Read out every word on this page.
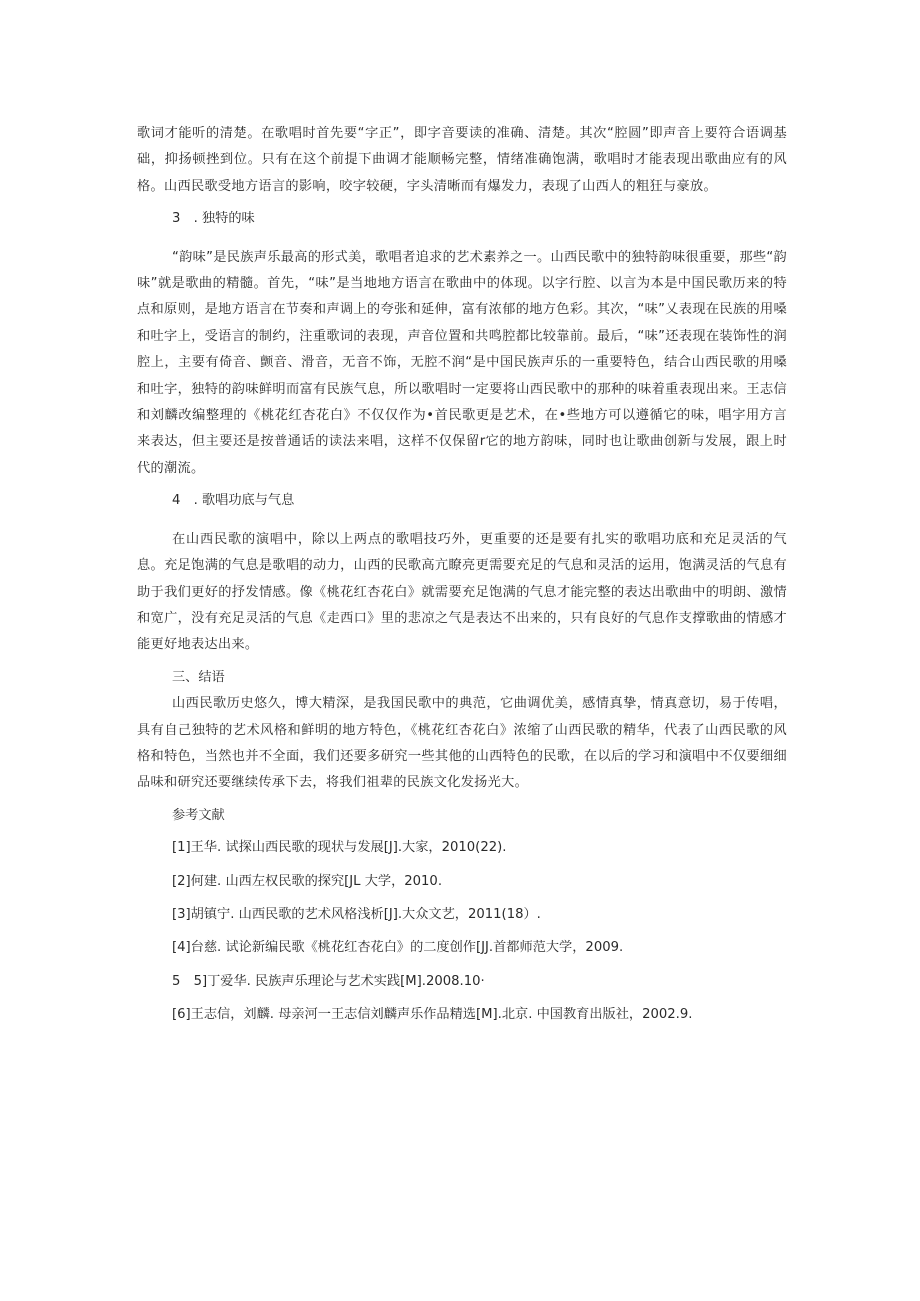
歌词才能听的清楚。在歌唱时首先要“字正”，即字音要读的准确、清楚。其次“腔圆”即声音上要符合语调基础，抑扬顿挫到位。只有在这个前提下曲调才能顺畅完整，情绪准确饱满，歌唱时才能表现出歌曲应有的风格。山西民歌受地方语言的影响，咬字较硬，字头清晰而有爆发力，表现了山西人的粗狂与豪放。

3　. 独特的味

“韵味”是民族声乐最高的形式美，歌唱者追求的艺术素养之一。山西民歌中的独特韵味很重要，那些“韵味”就是歌曲的精髓。首先，“味”是当地地方语言在歌曲中的体现。以字行腔、以言为本是中国民歌历来的特点和原则，是地方语言在节奏和声调上的夸张和延伸，富有浓郁的地方色彩。其次，“味”乂表现在民族的用嗓和吐字上，受语言的制约，注重歌词的表现，声音位置和共鸣腔都比较靠前。最后，“味”还表现在装饰性的润腔上，主要有倚音、颤音、滑音，无音不饰，无腔不润“是中国民族声乐的一重要特色，结合山西民歌的用嗓和吐字，独特的韵味鲜明而富有民族气息，所以歌唱时一定要将山西民歌中的那种的味着重表现出来。王志信和刘麟改编整理的《桃花红杏花白》不仅仅作为•首民歌更是艺术，在•些地方可以遵循它的味，唱字用方言来表达，但主要还是按普通话的读法来唱，这样不仅保留r它的地方韵味，同时也让歌曲创新与发展，跟上时代的潮流。

4　. 歌唱功底与气息

在山西民歌的演唱中，除以上两点的歌唱技巧外，更重要的还是要有扎实的歌唱功底和充足灵活的气息。充足饱满的气息是歌唱的动力，山西的民歌高亢瞭亮更需要充足的气息和灵活的运用，饱满灵活的气息有助于我们更好的抒发情感。像《桃花红杏花白》就需要充足饱满的气息才能完整的表达出歌曲中的明朗、激情和宽广，没有充足灵活的气息《走西口》里的悲凉之气是表达不出来的，只有良好的气息作支撑歌曲的情感才能更好地表达出来。

三、结语

山西民歌历史悠久，博大精深，是我国民歌中的典范，它曲调优美，感情真挚，情真意切，易于传唱，具有自己独特的艺术风格和鲜明的地方特色，《桃花红杏花白》浓缩了山西民歌的精华，代表了山西民歌的风格和特色，当然也并不全面，我们还要多研究一些其他的山西特色的民歌，在以后的学习和演唱中不仅要细细品味和研究还要继续传承下去，将我们祖辈的民族文化发扬光大。

参考文献

[1]王华. 试探山西民歌的现状与发展[J].大家，2010(22).

[2]何建. 山西左权民歌的探究[JL 大学，2010.

[3]胡镇宁. 山西民歌的艺术风格浅析[J].大众文艺，2011(18）.

[4]台慈. 试论新编民歌《桃花红杏花白》的二度创作[JJ.首都师范大学，2009.

5　5]丁爱华. 民族声乐理论与艺术实践[M].2008.10·

[6]王志信，刘麟. 母亲河一王志信刘麟声乐作品精选[M].北京. 中国教育出版社，2002.9.
